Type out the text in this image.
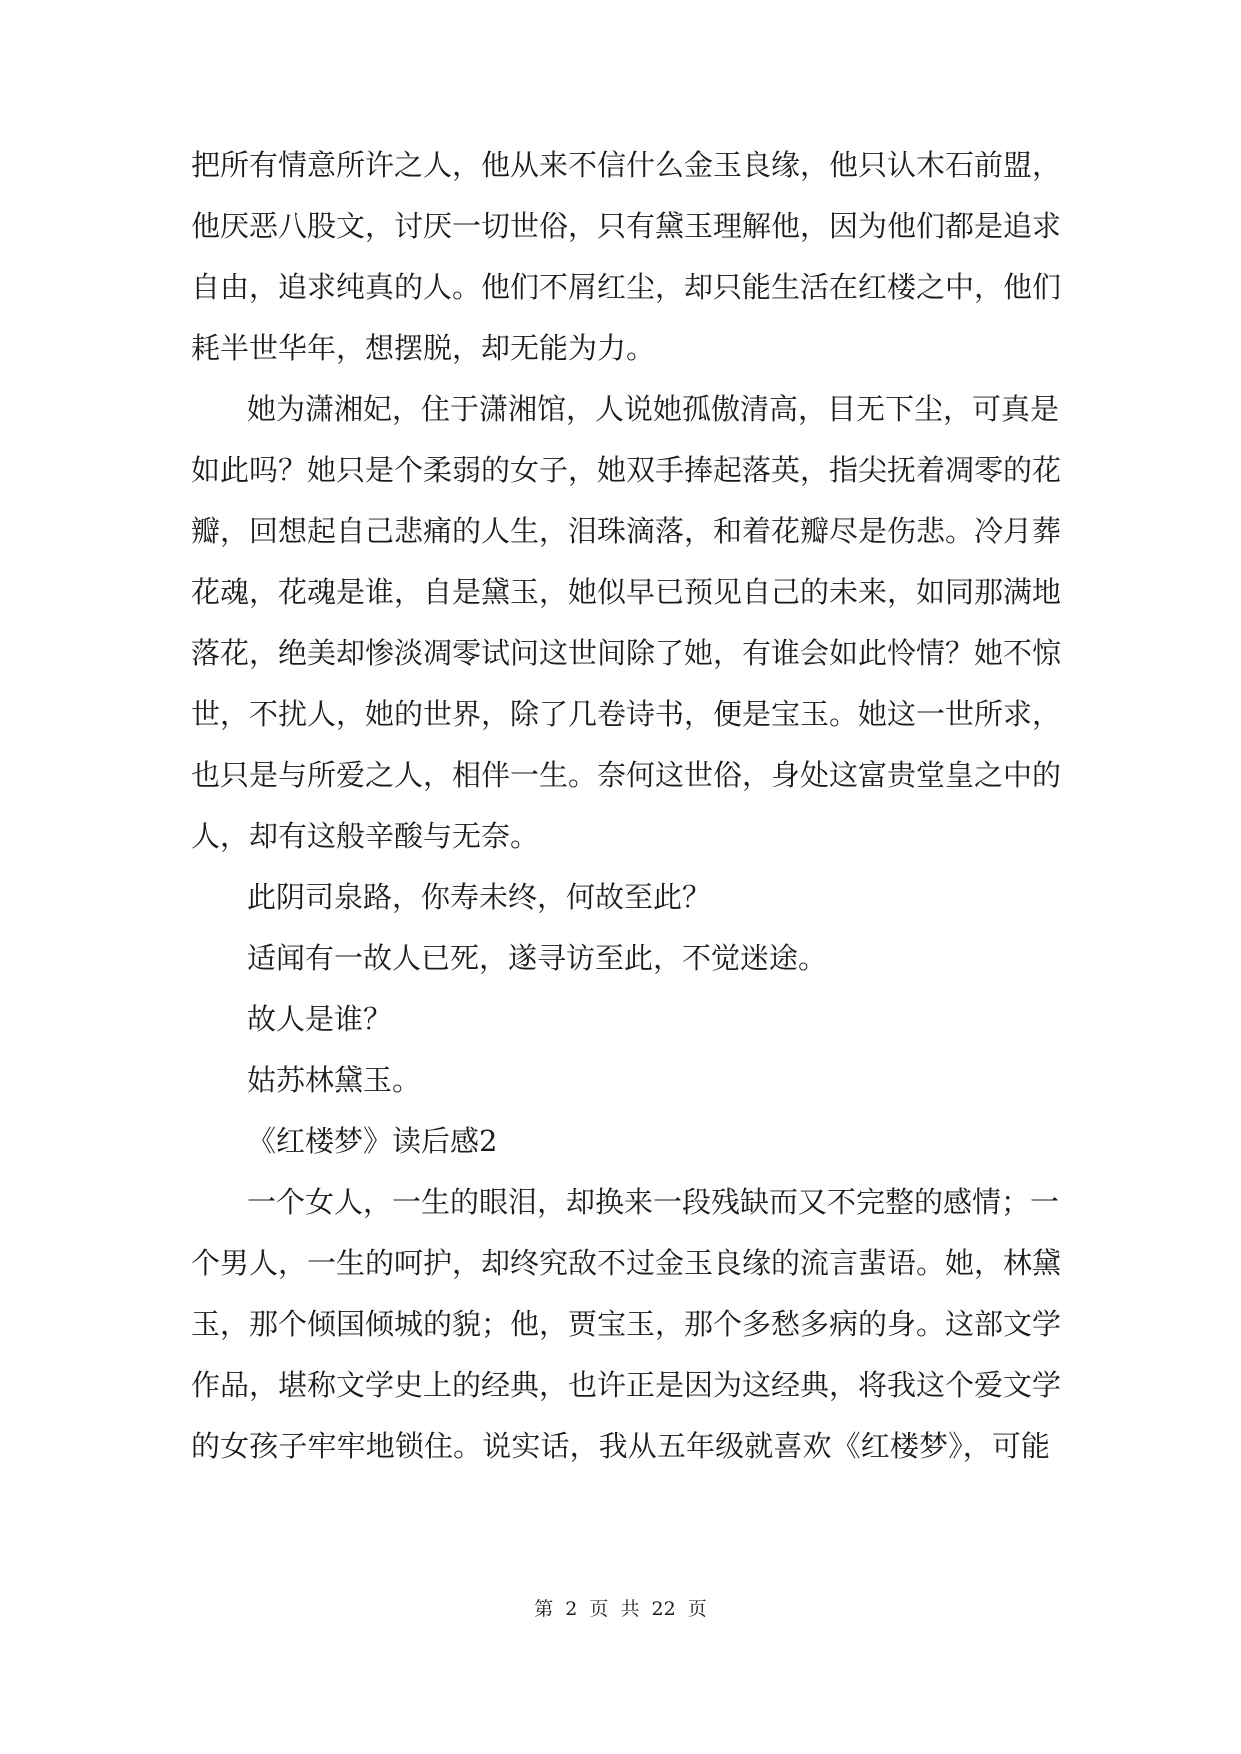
把所有情意所许之人，他从来不信什么金玉良缘，他只认木石前盟，
他厌恶八股文，讨厌一切世俗，只有黛玉理解他，因为他们都是追求
自由，追求纯真的人。他们不屑红尘，却只能生活在红楼之中，他们
耗半世华年，想摆脱，却无能为力。
她为潇湘妃，住于潇湘馆，人说她孤傲清高，目无下尘，可真是
如此吗？她只是个柔弱的女子，她双手捧起落英，指尖抚着凋零的花
瓣，回想起自己悲痛的人生，泪珠滴落，和着花瓣尽是伤悲。冷月葬
花魂，花魂是谁，自是黛玉，她似早已预见自己的未来，如同那满地
落花，绝美却惨淡凋零试问这世间除了她，有谁会如此怜情？她不惊
世，不扰人，她的世界，除了几卷诗书，便是宝玉。她这一世所求，
也只是与所爱之人，相伴一生。奈何这世俗，身处这富贵堂皇之中的
人，却有这般辛酸与无奈。
此阴司泉路，你寿未终，何故至此？
适闻有一故人已死，遂寻访至此，不觉迷途。
故人是谁？
姑苏林黛玉。
《红楼梦》读后感2
一个女人，一生的眼泪，却换来一段残缺而又不完整的感情；一
个男人，一生的呵护，却终究敌不过金玉良缘的流言蜚语。她，林黛
玉，那个倾国倾城的貌；他，贾宝玉，那个多愁多病的身。这部文学
作品，堪称文学史上的经典，也许正是因为这经典，将我这个爱文学
的女孩子牢牢地锁住。说实话，我从五年级就喜欢《红楼梦》，可能
第 2 页 共 22 页
